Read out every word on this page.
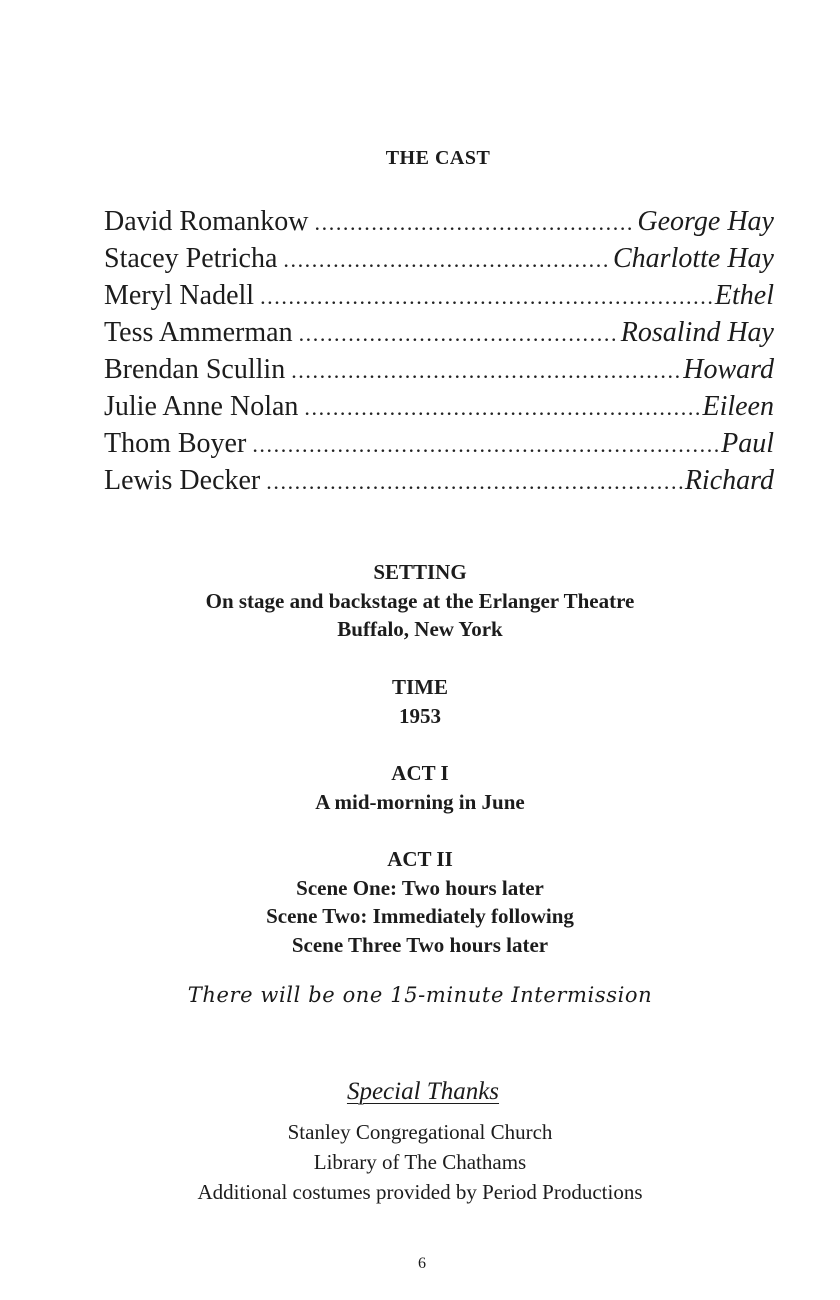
THE CAST
David Romankow .....	George Hay
Stacey Petricha .....	Charlotte Hay
Meryl Nadell .....	Ethel
Tess Ammerman .....	Rosalind Hay
Brendan Scullin .....	Howard
Julie Anne Nolan .....	Eileen
Thom Boyer .....	Paul
Lewis Decker .....	Richard
SETTING
On stage and backstage at the Erlanger Theatre
Buffalo, New York
TIME
1953
ACT I
A mid-morning in June
ACT II
Scene One: Two hours later
Scene Two: Immediately following
Scene Three Two hours later
There will be one 15-minute Intermission
Special Thanks
Stanley Congregational Church
Library of The Chathams
Additional costumes provided by Period Productions
6
